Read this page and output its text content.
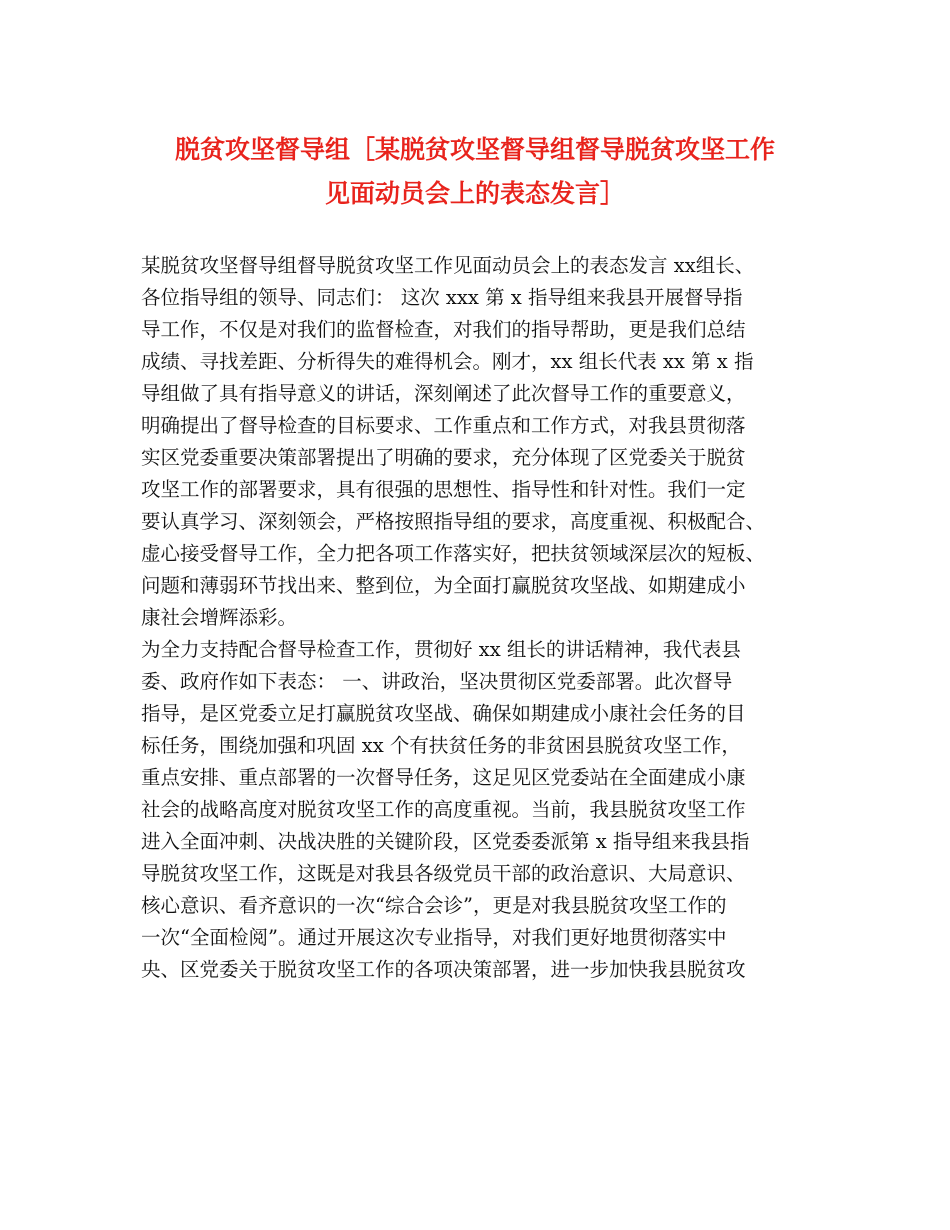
脱贫攻坚督导组［某脱贫攻坚督导组督导脱贫攻坚工作
见面动员会上的表态发言］
某脱贫攻坚督导组督导脱贫攻坚工作见面动员会上的表态发言 xx组长、
各位指导组的领导、同志们： 这次 xxx 第 x 指导组来我县开展督导指
导工作，不仅是对我们的监督检查，对我们的指导帮助，更是我们总结
成绩、寻找差距、分析得失的难得机会。刚才，xx 组长代表 xx 第 x 指
导组做了具有指导意义的讲话，深刻阐述了此次督导工作的重要意义，
明确提出了督导检查的目标要求、工作重点和工作方式，对我县贯彻落
实区党委重要决策部署提出了明确的要求，充分体现了区党委关于脱贫
攻坚工作的部署要求，具有很强的思想性、指导性和针对性。我们一定
要认真学习、深刻领会，严格按照指导组的要求，高度重视、积极配合、
虚心接受督导工作，全力把各项工作落实好，把扶贫领域深层次的短板、
问题和薄弱环节找出来、整到位，为全面打赢脱贫攻坚战、如期建成小
康社会增辉添彩。
为全力支持配合督导检查工作，贯彻好 xx 组长的讲话精神，我代表县
委、政府作如下表态： 一、讲政治，坚决贯彻区党委部署。此次督导
指导，是区党委立足打赢脱贫攻坚战、确保如期建成小康社会任务的目
标任务，围绕加强和巩固 xx 个有扶贫任务的非贫困县脱贫攻坚工作，
重点安排、重点部署的一次督导任务，这足见区党委站在全面建成小康
社会的战略高度对脱贫攻坚工作的高度重视。当前，我县脱贫攻坚工作
进入全面冲刺、决战决胜的关键阶段，区党委委派第 x 指导组来我县指
导脱贫攻坚工作，这既是对我县各级党员干部的政治意识、大局意识、
核心意识、看齐意识的一次“综合会诊”，更是对我县脱贫攻坚工作的
一次“全面检阅”。通过开展这次专业指导，对我们更好地贯彻落实中
央、区党委关于脱贫攻坚工作的各项决策部署，进一步加快我县脱贫攻
